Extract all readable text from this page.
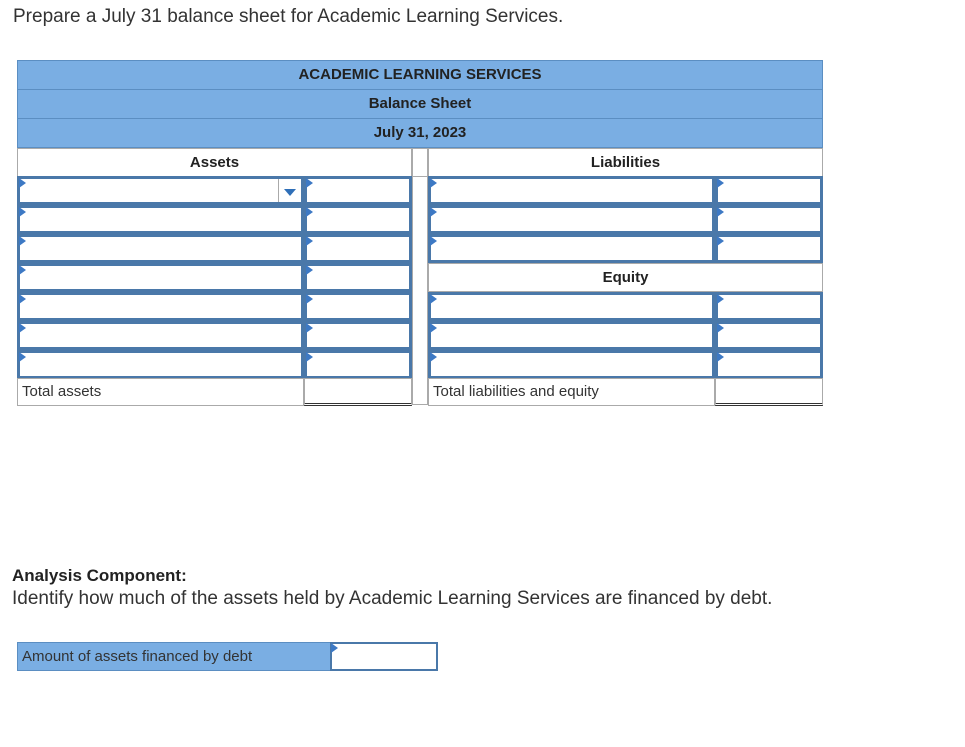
Prepare a July 31 balance sheet for Academic Learning Services.
ACADEMIC LEARNING SERVICES
Balance Sheet
July 31, 2023
Assets	Liabilities
Equity
Total assets	Total liabilities and equity
Analysis Component:
Identify how much of the assets held by Academic Learning Services are financed by debt.
Amount of assets financed by debt
